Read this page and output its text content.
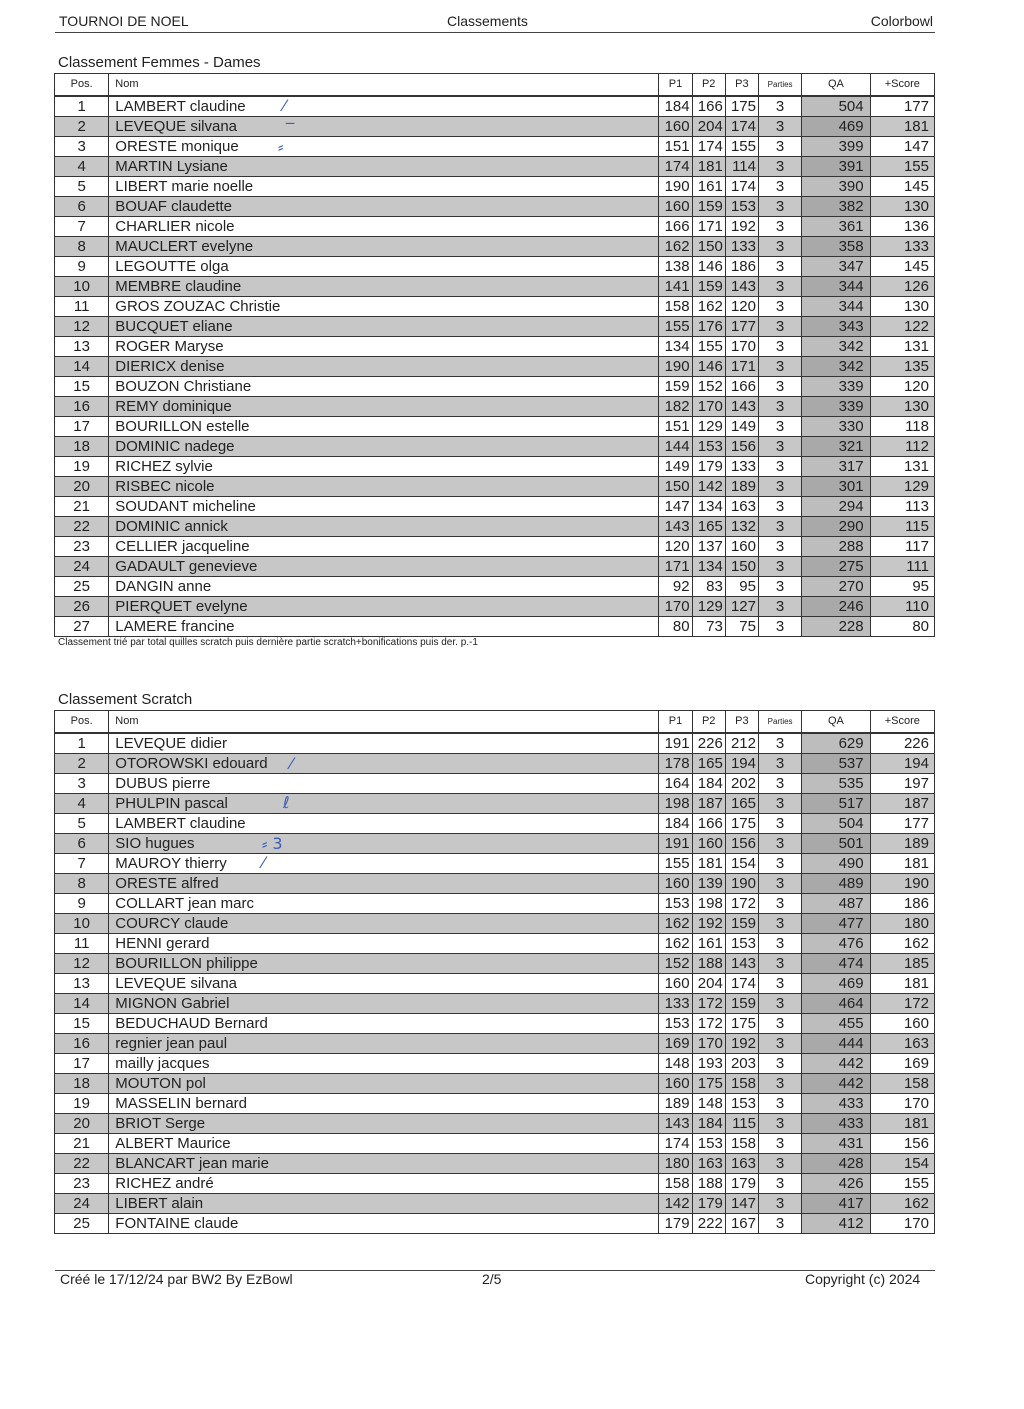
TOURNOI DE NOEL	Classements	Colorbowl
Classement Femmes - Dames
Pos.	Nom	P1	P2	P3	Parties	QA	+Score
1	LAMBERT claudine	184	166	175	3	504	177
2	LEVEQUE silvana	160	204	174	3	469	181
3	ORESTE monique	151	174	155	3	399	147
4	MARTIN Lysiane	174	181	114	3	391	155
5	LIBERT marie noelle	190	161	174	3	390	145
6	BOUAF claudette	160	159	153	3	382	130
7	CHARLIER nicole	166	171	192	3	361	136
8	MAUCLERT evelyne	162	150	133	3	358	133
9	LEGOUTTE olga	138	146	186	3	347	145
10	MEMBRE claudine	141	159	143	3	344	126
11	GROS ZOUZAC Christie	158	162	120	3	344	130
12	BUCQUET eliane	155	176	177	3	343	122
13	ROGER Maryse	134	155	170	3	342	131
14	DIERICX denise	190	146	171	3	342	135
15	BOUZON Christiane	159	152	166	3	339	120
16	REMY dominique	182	170	143	3	339	130
17	BOURILLON estelle	151	129	149	3	330	118
18	DOMINIC nadege	144	153	156	3	321	112
19	RICHEZ sylvie	149	179	133	3	317	131
20	RISBEC nicole	150	142	189	3	301	129
21	SOUDANT micheline	147	134	163	3	294	113
22	DOMINIC annick	143	165	132	3	290	115
23	CELLIER jacqueline	120	137	160	3	288	117
24	GADAULT genevieve	171	134	150	3	275	111
25	DANGIN anne	92	83	95	3	270	95
26	PIERQUET evelyne	170	129	127	3	246	110
27	LAMERE francine	80	73	75	3	228	80
Classement trié par total quilles scratch puis dernière partie scratch+bonifications puis der. p.-1
Classement Scratch
Pos.	Nom	P1	P2	P3	Parties	QA	+Score
1	LEVEQUE didier	191	226	212	3	629	226
2	OTOROWSKI edouard	178	165	194	3	537	194
3	DUBUS pierre	164	184	202	3	535	197
4	PHULPIN pascal	198	187	165	3	517	187
5	LAMBERT claudine	184	166	175	3	504	177
6	SIO hugues	191	160	156	3	501	189
7	MAUROY thierry	155	181	154	3	490	181
8	ORESTE alfred	160	139	190	3	489	190
9	COLLART jean marc	153	198	172	3	487	186
10	COURCY claude	162	192	159	3	477	180
11	HENNI gerard	162	161	153	3	476	162
12	BOURILLON philippe	152	188	143	3	474	185
13	LEVEQUE silvana	160	204	174	3	469	181
14	MIGNON Gabriel	133	172	159	3	464	172
15	BEDUCHAUD Bernard	153	172	175	3	455	160
16	regnier jean paul	169	170	192	3	444	163
17	mailly jacques	148	193	203	3	442	169
18	MOUTON pol	160	175	158	3	442	158
19	MASSELIN bernard	189	148	153	3	433	170
20	BRIOT Serge	143	184	115	3	433	181
21	ALBERT Maurice	174	153	158	3	431	156
22	BLANCART jean marie	180	163	163	3	428	154
23	RICHEZ andré	158	188	179	3	426	155
24	LIBERT alain	142	179	147	3	417	162
25	FONTAINE claude	179	222	167	3	412	170
⁄
‒
⸗
⁄
ℓ
⸗ 3
⁄
Créé le 17/12/24 par BW2 By EzBowl	2/5	Copyright (c) 2024
